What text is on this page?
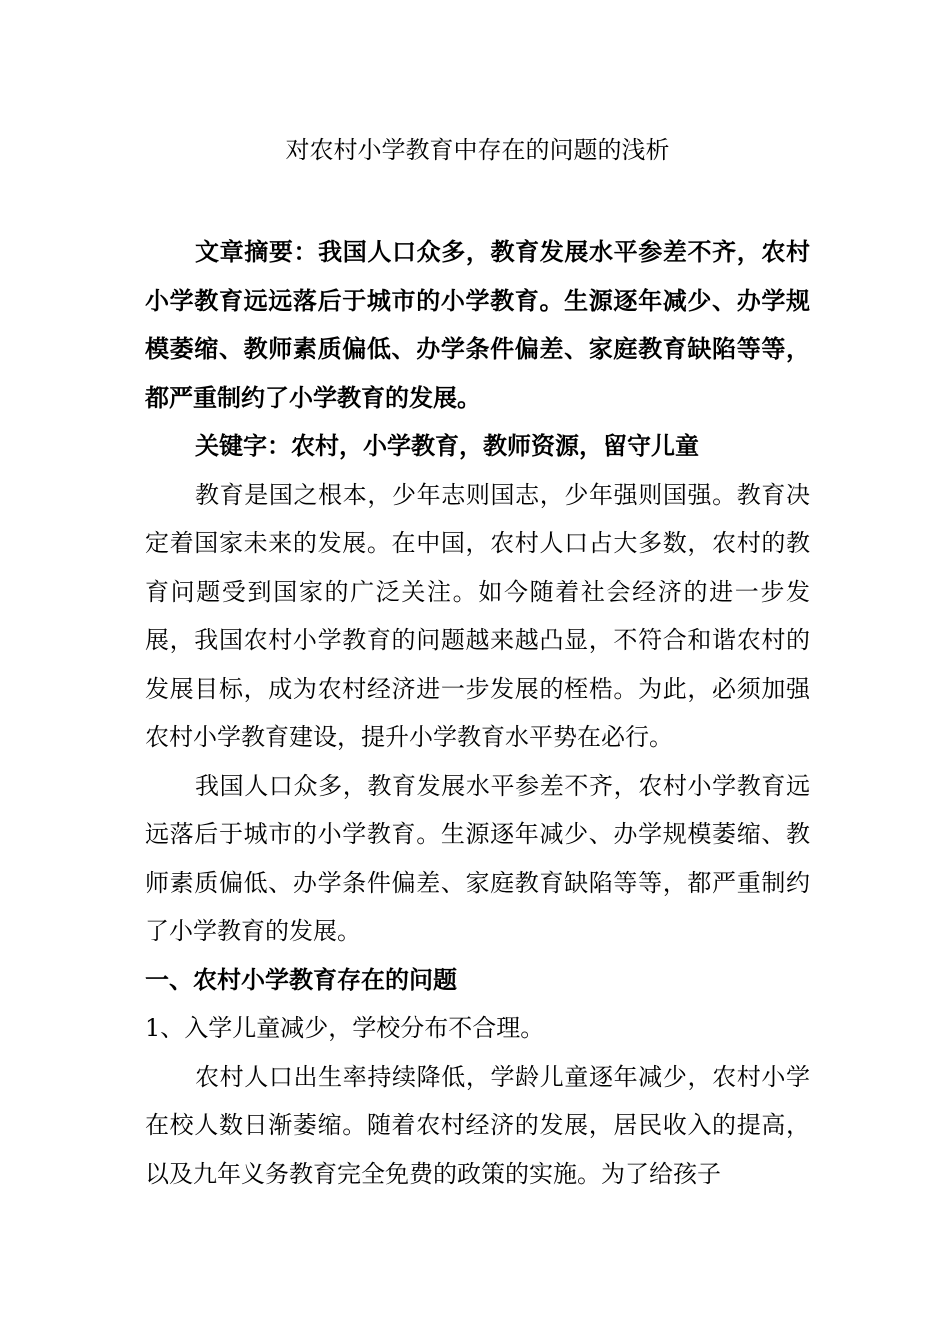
对农村小学教育中存在的问题的浅析

文章摘要：我国人口众多，教育发展水平参差不齐，农村小学教育远远落后于城市的小学教育。生源逐年减少、办学规模萎缩、教师素质偏低、办学条件偏差、家庭教育缺陷等等，都严重制约了小学教育的发展。

关键字：农村，小学教育，教师资源，留守儿童

教育是国之根本，少年志则国志，少年强则国强。教育决定着国家未来的发展。在中国，农村人口占大多数，农村的教育问题受到国家的广泛关注。如今随着社会经济的进一步发展，我国农村小学教育的问题越来越凸显，不符合和谐农村的发展目标，成为农村经济进一步发展的桎梏。为此，必须加强农村小学教育建设，提升小学教育水平势在必行。

我国人口众多，教育发展水平参差不齐，农村小学教育远远落后于城市的小学教育。生源逐年减少、办学规模萎缩、教师素质偏低、办学条件偏差、家庭教育缺陷等等，都严重制约了小学教育的发展。

一、农村小学教育存在的问题

1、入学儿童减少，学校分布不合理。

农村人口出生率持续降低，学龄儿童逐年减少，农村小学在校人数日渐萎缩。随着农村经济的发展，居民收入的提高，以及九年义务教育完全免费的政策的实施。为了给孩子
